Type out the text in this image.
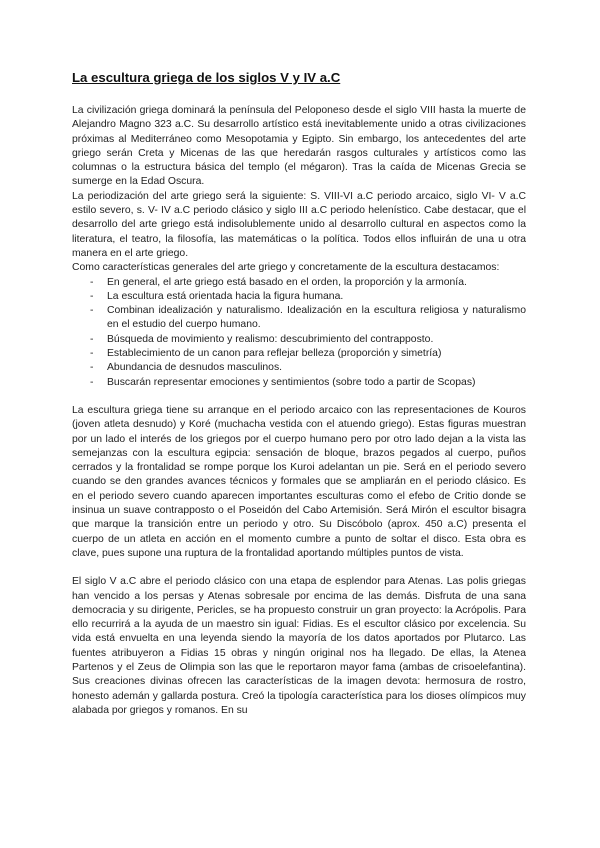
La escultura griega de los siglos V y IV a.C

La civilización griega dominará la península del Peloponeso desde el siglo VIII hasta la muerte de Alejandro Magno 323 a.C. Su desarrollo artístico está inevitablemente unido a otras civilizaciones próximas al Mediterráneo como Mesopotamia y Egipto. Sin embargo, los antecedentes del arte griego serán Creta y Micenas de las que heredarán rasgos culturales y artísticos como las columnas o la estructura básica del templo (el mégaron). Tras la caída de Micenas Grecia se sumerge en la Edad Oscura.

La periodización del arte griego será la siguiente: S. VIII-VI a.C periodo arcaico, siglo VI- V a.C estilo severo, s. V- IV a.C periodo clásico y siglo III a.C periodo helenístico. Cabe destacar, que el desarrollo del arte griego está indisolublemente unido al desarrollo cultural en aspectos como la literatura, el teatro, la filosofía, las matemáticas o la política. Todos ellos influirán de una u otra manera en el arte griego.

Como características generales del arte griego y concretamente de la escultura destacamos:

- En general, el arte griego está basado en el orden, la proporción y la armonía.
- La escultura está orientada hacia la figura humana.
- Combinan idealización y naturalismo. Idealización en la escultura religiosa y naturalismo en el estudio del cuerpo humano.
- Búsqueda de movimiento y realismo: descubrimiento del contrapposto.
- Establecimiento de un canon para reflejar belleza (proporción y simetría)
- Abundancia de desnudos masculinos.
- Buscarán representar emociones y sentimientos (sobre todo a partir de Scopas)

La escultura griega tiene su arranque en el periodo arcaico con las representaciones de Kouros (joven atleta desnudo) y Koré (muchacha vestida con el atuendo griego). Estas figuras muestran por un lado el interés de los griegos por el cuerpo humano pero por otro lado dejan a la vista las semejanzas con la escultura egipcia: sensación de bloque, brazos pegados al cuerpo, puños cerrados y la frontalidad se rompe porque los Kuroi adelantan un pie. Será en el periodo severo cuando se den grandes avances técnicos y formales que se ampliarán en el periodo clásico. Es en el periodo severo cuando aparecen importantes esculturas como el efebo de Critio donde se insinua un suave contrapposto o el Poseidón del Cabo Artemisión. Será Mirón el escultor bisagra que marque la transición entre un periodo y otro. Su Discóbolo (aprox. 450 a.C) presenta el cuerpo de un atleta en acción en el momento cumbre a punto de soltar el disco. Esta obra es clave, pues supone una ruptura de la frontalidad aportando múltiples puntos de vista.

El siglo V a.C abre el periodo clásico con una etapa de esplendor para Atenas. Las polis griegas han vencido a los persas y Atenas sobresale por encima de las demás. Disfruta de una sana democracia y su dirigente, Pericles, se ha propuesto construir un gran proyecto: la Acrópolis. Para ello recurrirá a la ayuda de un maestro sin igual: Fidias. Es el escultor clásico por excelencia. Su vida está envuelta en una leyenda siendo la mayoría de los datos aportados por Plutarco. Las fuentes atribuyeron a Fidias 15 obras y ningún original nos ha llegado. De ellas, la Atenea Partenos y el Zeus de Olimpia son las que le reportaron mayor fama (ambas de crisoelefantina). Sus creaciones divinas ofrecen las características de la imagen devota: hermosura de rostro, honesto ademán y gallarda postura. Creó la tipología característica para los dioses olímpicos muy alabada por griegos y romanos. En su
